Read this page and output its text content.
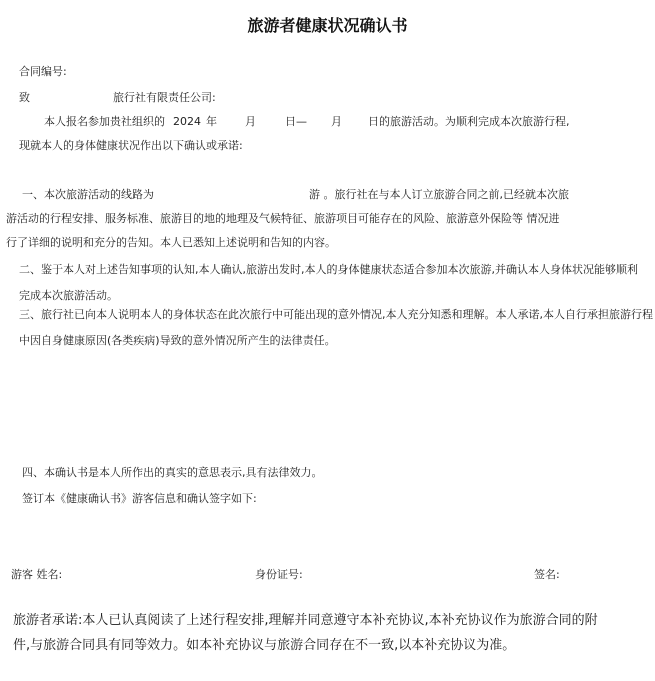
旅游者健康状况确认书
合同编号:
致	旅行社有限责任公司:
本人报名参加贵社组织的 2024 年	月	日— 月 日的旅游活动。为顺利完成本次旅游行程,
现就本人的身体健康状况作出以下确认或承诺:
一、本次旅游活动的线路为	游 。旅行社在与本人订立旅游合同之前,已经就本次旅
游活动的行程安排、服务标准、旅游目的地的地理及气候特征、旅游项目可能存在的风险、旅游意外保险等 情况进
行了详细的说明和充分的告知。本人已悉知上述说明和告知的内容。
二、鉴于本人对上述告知事项的认知,本人确认,旅游出发时,本人的身体健康状态适合参加本次旅游,并确认本人身体状况能够顺利
完成本次旅游活动。
三、旅行社已向本人说明本人的身体状态在此次旅行中可能出现的意外情况,本人充分知悉和理解。本人承诺,本人自行承担旅游行程
中因自身健康原因(各类疾病)导致的意外情况所产生的法律责任。
四、本确认书是本人所作出的真实的意思表示,具有法律效力。
签订本《健康确认书》游客信息和确认签字如下:
游客 姓名:	身份证号:	签名:
旅游者承诺:本人已认真阅读了上述行程安排,理解并同意遵守本补充协议,本补充协议作为旅游合同的附
件,与旅游合同具有同等效力。如本补充协议与旅游合同存在不一致,以本补充协议为准。
